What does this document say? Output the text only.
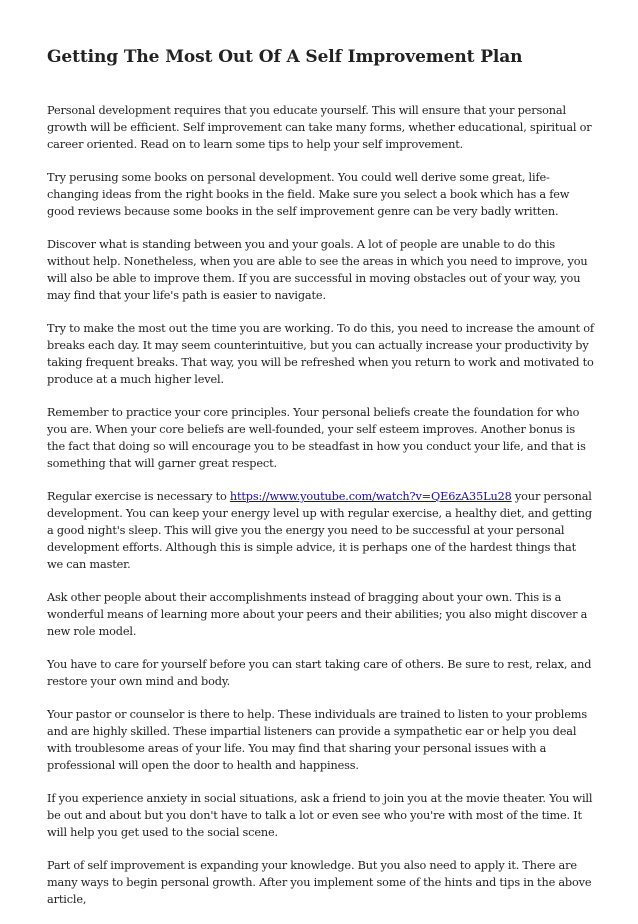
Getting The Most Out Of A Self Improvement Plan

Personal development requires that you educate yourself. This will ensure that your personal growth will be efficient. Self improvement can take many forms, whether educational, spiritual or career oriented. Read on to learn some tips to help your self improvement.

Try perusing some books on personal development. You could well derive some great, life-changing ideas from the right books in the field. Make sure you select a book which has a few good reviews because some books in the self improvement genre can be very badly written.

Discover what is standing between you and your goals. A lot of people are unable to do this without help. Nonetheless, when you are able to see the areas in which you need to improve, you will also be able to improve them. If you are successful in moving obstacles out of your way, you may find that your life's path is easier to navigate.

Try to make the most out the time you are working. To do this, you need to increase the amount of breaks each day. It may seem counterintuitive, but you can actually increase your productivity by taking frequent breaks. That way, you will be refreshed when you return to work and motivated to produce at a much higher level.

Remember to practice your core principles. Your personal beliefs create the foundation for who you are. When your core beliefs are well-founded, your self esteem improves. Another bonus is the fact that doing so will encourage you to be steadfast in how you conduct your life, and that is something that will garner great respect.

Regular exercise is necessary to https://www.youtube.com/watch?v=QE6zA35Lu28 your personal development. You can keep your energy level up with regular exercise, a healthy diet, and getting a good night's sleep. This will give you the energy you need to be successful at your personal development efforts. Although this is simple advice, it is perhaps one of the hardest things that we can master.

Ask other people about their accomplishments instead of bragging about your own. This is a wonderful means of learning more about your peers and their abilities; you also might discover a new role model.

You have to care for yourself before you can start taking care of others. Be sure to rest, relax, and restore your own mind and body.

Your pastor or counselor is there to help. These individuals are trained to listen to your problems and are highly skilled. These impartial listeners can provide a sympathetic ear or help you deal with troublesome areas of your life. You may find that sharing your personal issues with a professional will open the door to health and happiness.

If you experience anxiety in social situations, ask a friend to join you at the movie theater. You will be out and about but you don't have to talk a lot or even see who you're with most of the time. It will help you get used to the social scene.

Part of self improvement is expanding your knowledge. But you also need to apply it. There are many ways to begin personal growth. After you implement some of the hints and tips in the above article,
